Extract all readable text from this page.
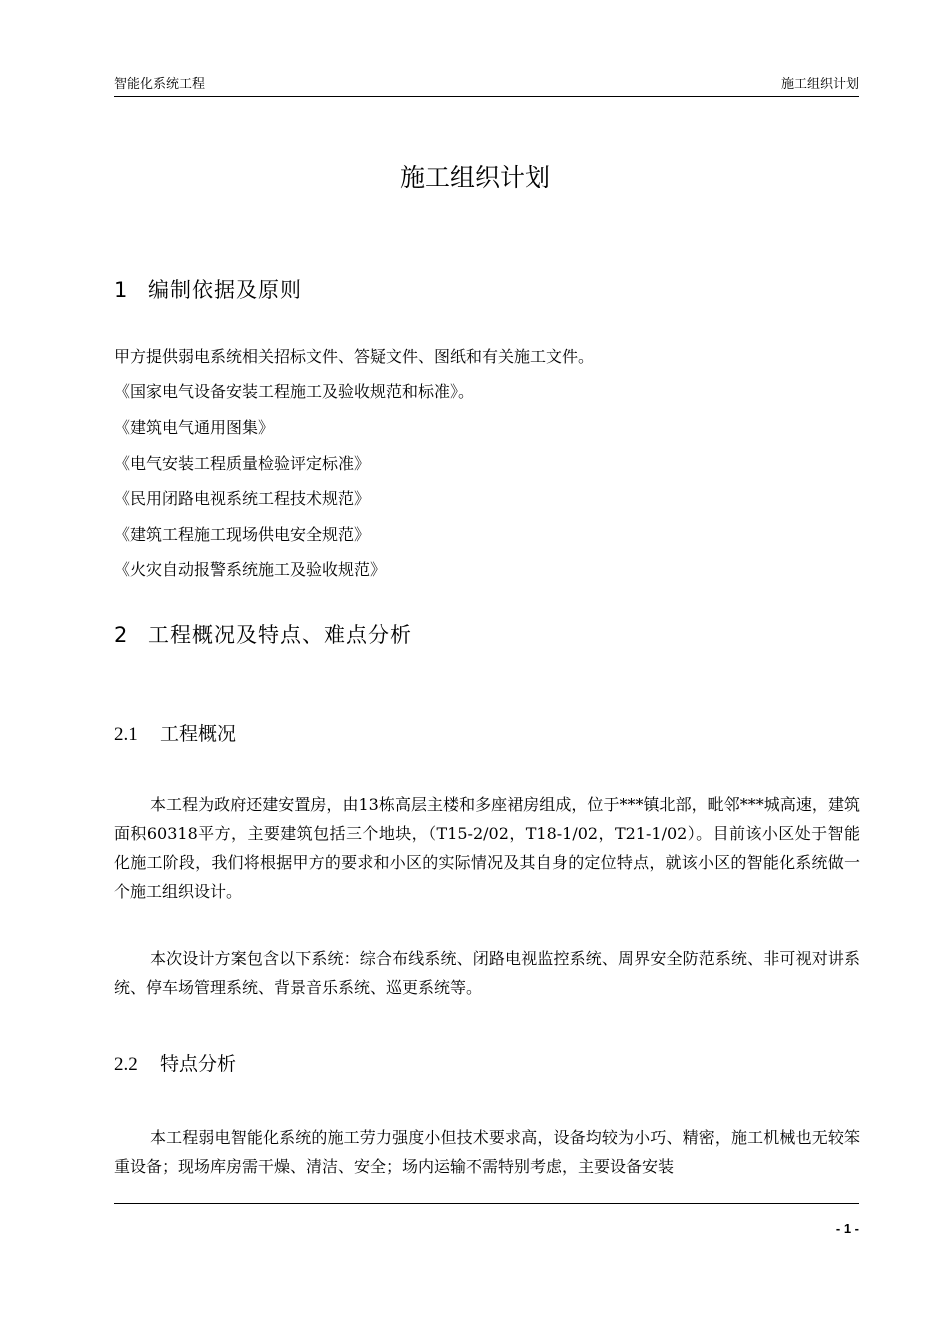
智能化系统工程	施工组织计划
施工组织计划
1 编制依据及原则
甲方提供弱电系统相关招标文件、答疑文件、图纸和有关施工文件。
《国家电气设备安装工程施工及验收规范和标准》。
《建筑电气通用图集》
《电气安装工程质量检验评定标准》
《民用闭路电视系统工程技术规范》
《建筑工程施工现场供电安全规范》
《火灾自动报警系统施工及验收规范》
2 工程概况及特点、难点分析
2.1 工程概况
本工程为政府还建安置房，由13栋高层主楼和多座裙房组成，位于***镇北部，毗邻***城高速，建筑面积60318平方，主要建筑包括三个地块，（T15-2/02，T18-1/02，T21-1/02）。目前该小区处于智能化施工阶段，我们将根据甲方的要求和小区的实际情况及其自身的定位特点，就该小区的智能化系统做一个施工组织设计。
本次设计方案包含以下系统：综合布线系统、闭路电视监控系统、周界安全防范系统、非可视对讲系统、停车场管理系统、背景音乐系统、巡更系统等。
2.2 特点分析
本工程弱电智能化系统的施工劳力强度小但技术要求高，设备均较为小巧、精密，施工机械也无较笨重设备；现场库房需干燥、清洁、安全；场内运输不需特别考虑，主要设备安装
- 1 -
